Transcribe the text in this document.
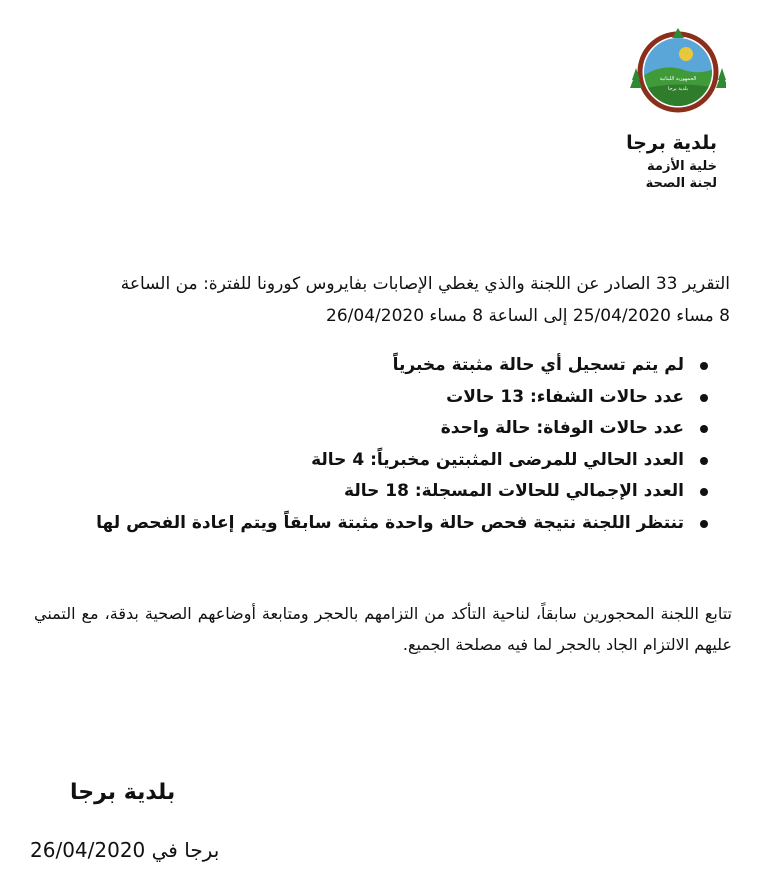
الجمهورية اللبنانية
بلدية برجا
بلدية برجا
خلية الأزمة
لجنة الصحة
التقرير 33 الصادر عن اللجنة والذي يغطي الإصابات بفايروس كورونا للفترة: من الساعة
8 مساء 25/04/2020 إلى الساعة 8 مساء 26/04/2020
لم يتم تسجيل أي حالة مثبتة مخبرياً
عدد حالات الشفاء: 13 حالات
عدد حالات الوفاة: حالة واحدة
العدد الحالي للمرضى المثبتين مخبرياً: 4 حالة
العدد الإجمالي للحالات المسجلة: 18 حالة
تنتظر اللجنة نتيجة فحص حالة واحدة مثبتة سابقاً ويتم إعادة الفحص لها
تتابع اللجنة المحجورين سابقاً، لناحية التأكد من التزامهم بالحجر ومتابعة أوضاعهم الصحية بدقة، مع التمني عليهم الالتزام الجاد بالحجر لما فيه مصلحة الجميع.
بلدية برجا
برجا في 26/04/2020
